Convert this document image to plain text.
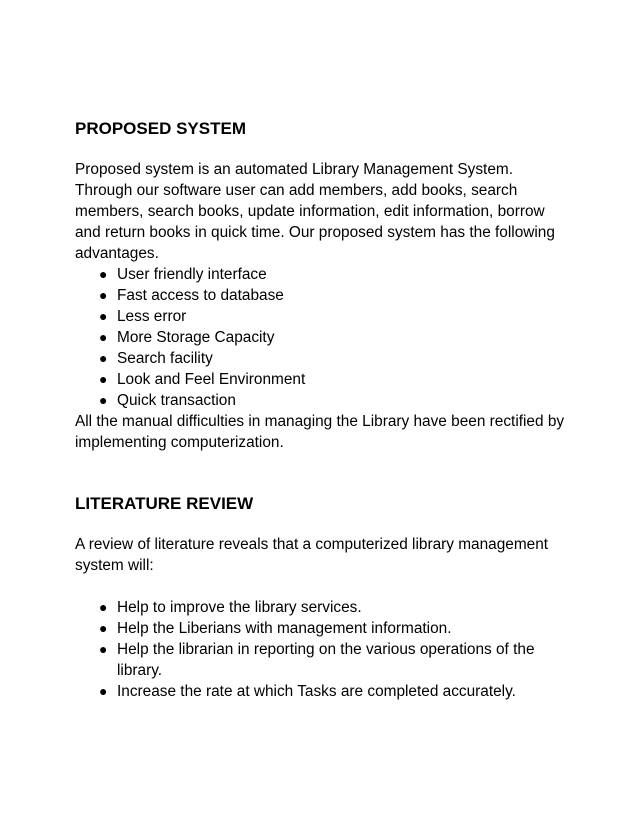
PROPOSED SYSTEM

Proposed system is an automated Library Management System. Through our software user can add members, add books, search members, search books, update information, edit information, borrow and return books in quick time. Our proposed system has the following advantages.

● User friendly interface
● Fast access to database
● Less error
● More Storage Capacity
● Search facility
● Look and Feel Environment
● Quick transaction

All the manual difficulties in managing the Library have been rectified by implementing computerization.

LITERATURE REVIEW

A review of literature reveals that a computerized library management system will:

● Help to improve the library services.
● Help the Liberians with management information.
● Help the librarian in reporting on the various operations of the library.
● Increase the rate at which Tasks are completed accurately.
